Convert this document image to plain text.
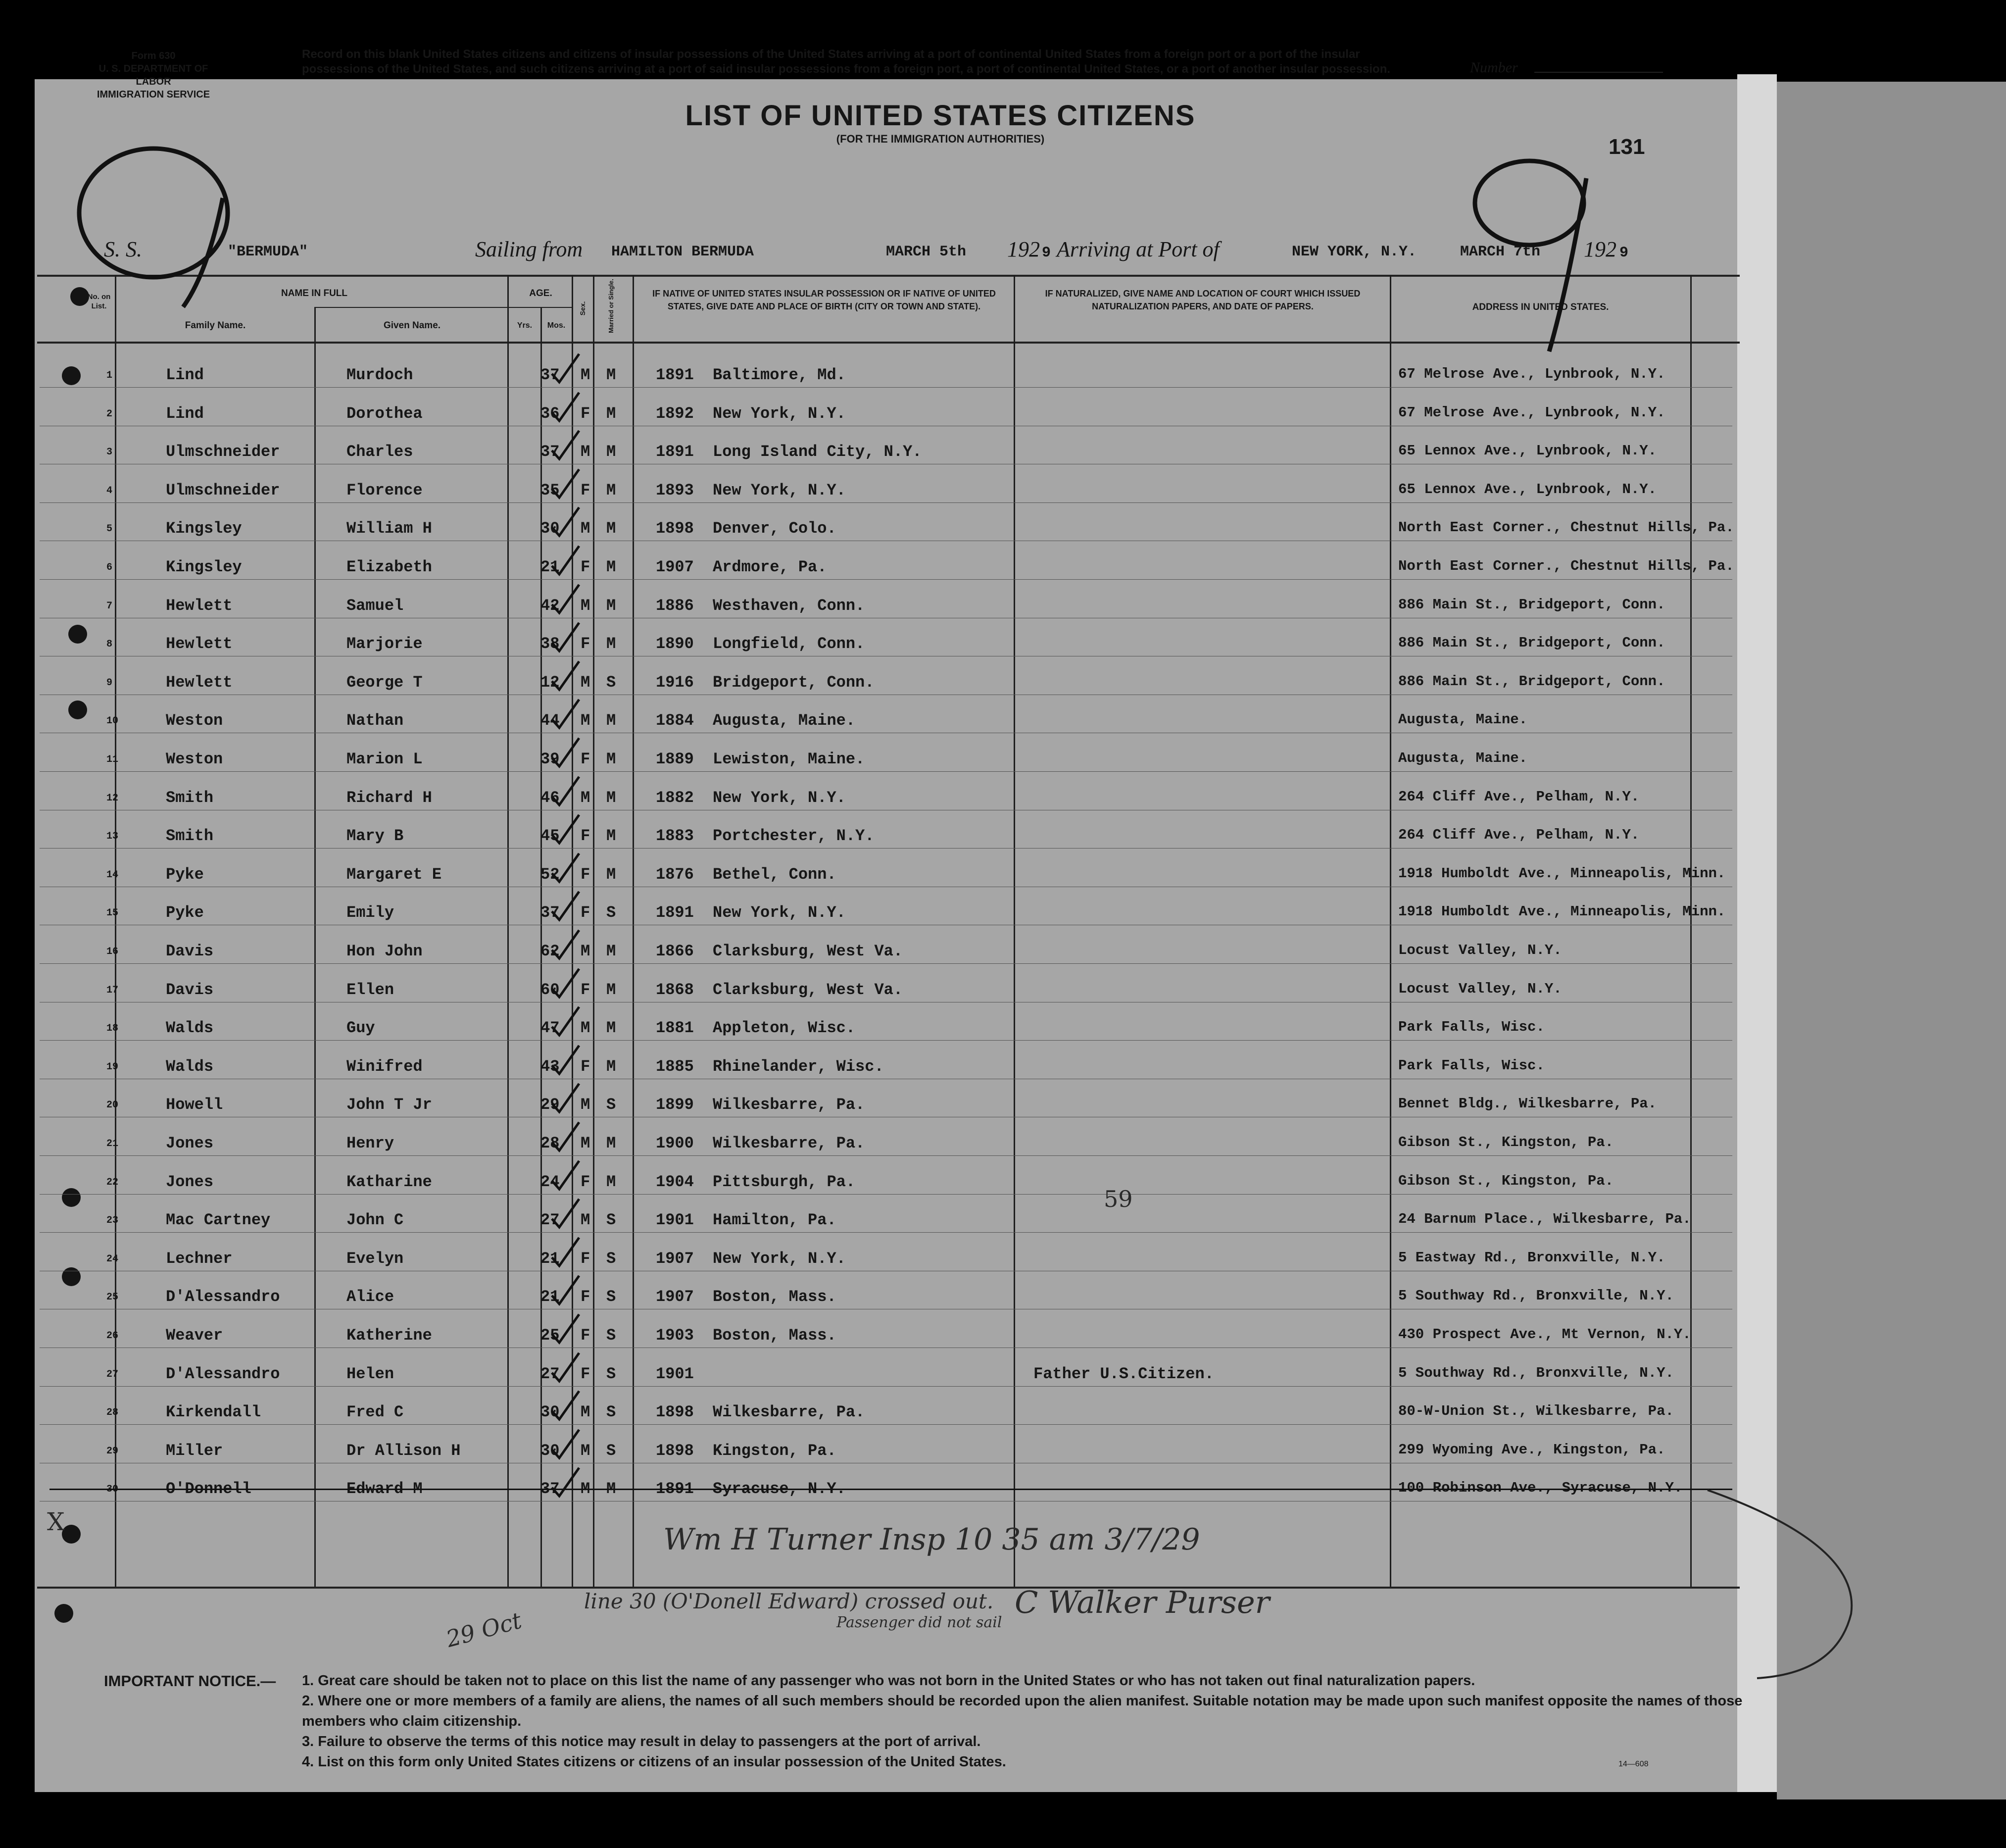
Form 630
U. S. DEPARTMENT OF LABOR
IMMIGRATION SERVICE
Record on this blank United States citizens and citizens of insular possessions of the United States arriving at a port of continental United States from a foreign port or a port of the insular possessions of the United States, and such citizens arriving at a port of said insular possessions from a foreign port, a port of continental United States, or a port of another insular possession.	Number
LIST OF UNITED STATES CITIZENS
(FOR THE IMMIGRATION AUTHORITIES)	131
S. S.	"BERMUDA"	Sailing from HAMILTON BERMUDA	MARCH 5th 192 9 Arriving at Port of	NEW YORK, N.Y.	MARCH 7th 192 9
No. on List.
NAME IN FULL
Family Name.	Given Name.
AGE.
Yrs.	Mos.
Sex.	Married or Single.	IF NATIVE OF UNITED STATES INSULAR POSSESSION OR IF NATIVE OF UNITED STATES, GIVE DATE AND PLACE OF BIRTH (CITY OR TOWN AND STATE).
IF NATURALIZED, GIVE NAME AND LOCATION OF COURT WHICH ISSUED NATURALIZATION PAPERS, AND DATE OF PAPERS.	ADDRESS IN UNITED STATES.
1	Lind	Murdoch	37 M M	1891 Baltimore, Md.	67 Melrose Ave., Lynbrook, N.Y.
2	Lind	Dorothea	36 F M	1892 New York, N.Y.	67 Melrose Ave., Lynbrook, N.Y.
3	Ulmschneider	Charles	37 M M	1891 Long Island City, N.Y.	65 Lennox Ave., Lynbrook, N.Y.
4	Ulmschneider	Florence	35 F M	1893 New York, N.Y.	65 Lennox Ave., Lynbrook, N.Y.
5	Kingsley	William H	30 M M	1898 Denver, Colo.	North East Corner., Chestnut Hills, Pa.
6	Kingsley	Elizabeth	21 F M	1907 Ardmore, Pa.	North East Corner., Chestnut Hills, Pa.
7	Hewlett	Samuel	42 M M	1886 Westhaven, Conn.	886 Main St., Bridgeport, Conn.
8	Hewlett	Marjorie	38 F M	1890 Longfield, Conn.	886 Main St., Bridgeport, Conn.
9	Hewlett	George T	12 M S	1916 Bridgeport, Conn.	886 Main St., Bridgeport, Conn.
10	Weston	Nathan	44 M M	1884 Augusta, Maine.	Augusta, Maine.
11	Weston	Marion L	39 F M	1889 Lewiston, Maine.	Augusta, Maine.
12	Smith	Richard H	46 M M	1882 New York, N.Y.	264 Cliff Ave., Pelham, N.Y.
13	Smith	Mary B	45 F M	1883 Portchester, N.Y.	264 Cliff Ave., Pelham, N.Y.
14	Pyke	Margaret E	52 F M	1876 Bethel, Conn.	1918 Humboldt Ave., Minneapolis, Minn.
15	Pyke	Emily	37 F S	1891 New York, N.Y.	1918 Humboldt Ave., Minneapolis, Minn.
16	Davis	Hon John	62 M M	1866 Clarksburg, West Va.	Locust Valley, N.Y.
17	Davis	Ellen	60 F M	1868 Clarksburg, West Va.	Locust Valley, N.Y.
18	Walds	Guy	47 M M	1881 Appleton, Wisc.	Park Falls, Wisc.
19	Walds	Winifred	43 F M	1885 Rhinelander, Wisc.	Park Falls, Wisc.
20	Howell	John T Jr	29 M S	1899 Wilkesbarre, Pa.	Bennet Bldg., Wilkesbarre, Pa.
21	Jones	Henry	28 M M	1900 Wilkesbarre, Pa.	Gibson St., Kingston, Pa.
22	Jones	Katharine	24 F M	1904 Pittsburgh, Pa.	Gibson St., Kingston, Pa.
23	Mac Cartney	John C	27 M S	1901 Hamilton, Pa.	24 Barnum Place., Wilkesbarre, Pa.
24	Lechner	Evelyn	21 F S	1907 New York, N.Y.	5 Eastway Rd., Bronxville, N.Y.
25	D'Alessandro	Alice	21 F S	1907 Boston, Mass.	5 Southway Rd., Bronxville, N.Y.
26	Weaver	Katherine	25 F S	1903 Boston, Mass.	430 Prospect Ave., Mt Vernon, N.Y.
27	D'Alessandro	Helen	27 F S	1901	Father U.S.Citizen.	5 Southway Rd., Bronxville, N.Y.
28	Kirkendall	Fred C	30 M S	1898 Wilkesbarre, Pa.	80-W-Union St., Wilkesbarre, Pa.
29	Miller	Dr Allison H	30 M S	1898 Kingston, Pa.	299 Wyoming Ave., Kingston, Pa.
30	O'Donnell	Edward M	37 M M	1891 Syracuse, N.Y.	100 Robinson Ave., Syracuse, N.Y.
Wm H Turner Insp 10 35 am 3/7/29
line 30 (O'Donell Edward) crossed out.
Passenger did not sail
C Walker Purser
29 Oct
59
X
IMPORTANT NOTICE.— 1. Great care should be taken not to place on this list the name of any passenger who was not born in the United States or who has not taken out final naturalization papers.

2. Where one or more members of a family are aliens, the names of all such members should be recorded upon the alien manifest. Suitable notation may be made upon such manifest opposite the names of those members who claim citizenship.

3. Failure to observe the terms of this notice may result in delay to passengers at the port of arrival.

4. List on this form only United States citizens or citizens of an insular possession of the United States.	14—608
